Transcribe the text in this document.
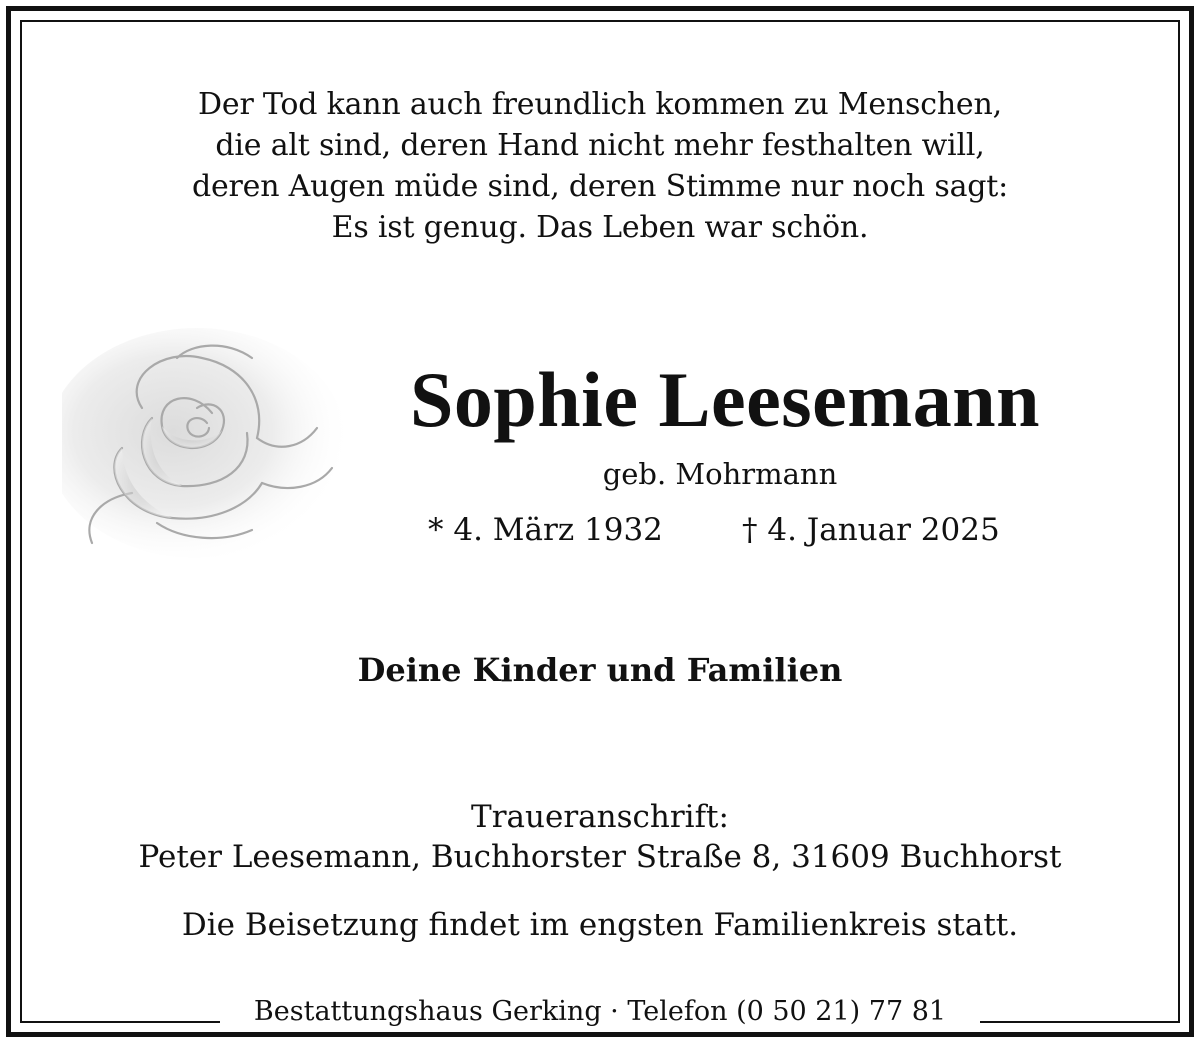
Der Tod kann auch freundlich kommen zu Menschen,
die alt sind, deren Hand nicht mehr festhalten will,
deren Augen müde sind, deren Stimme nur noch sagt:
Es ist genug. Das Leben war schön.
Sophie Leesemann
geb. Mohrmann
* 4. März 1932	† 4. Januar 2025
Deine Kinder und Familien
Traueranschrift:
Peter Leesemann, Buchhorster Straße 8, 31609 Buchhorst
Die Beisetzung findet im engsten Familienkreis statt.
Bestattungshaus Gerking · Telefon (0 50 21) 77 81
